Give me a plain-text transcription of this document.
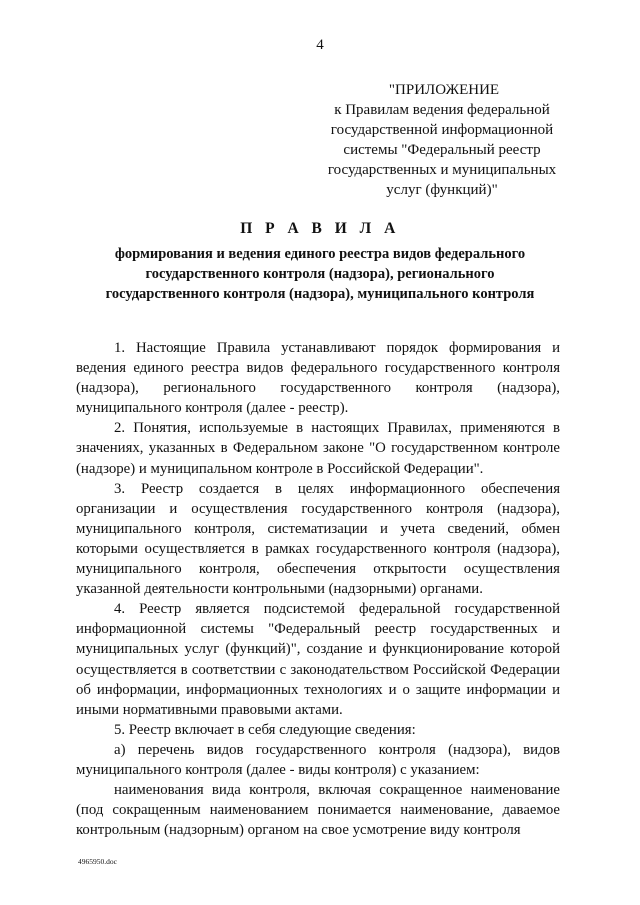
4
"ПРИЛОЖЕНИЕ
к Правилам ведения федеральной
государственной информационной
системы "Федеральный реестр
государственных и муниципальных
услуг (функций)"
П Р А В И Л А
формирования и ведения единого реестра видов федерального
государственного контроля (надзора), регионального
государственного контроля (надзора), муниципального контроля

1. Настоящие Правила устанавливают порядок формирования и ведения единого реестра видов федерального государственного контроля (надзора), регионального государственного контроля (надзора), муниципального контроля (далее - реестр).

2. Понятия, используемые в настоящих Правилах, применяются в значениях, указанных в Федеральном законе "О государственном контроле (надзоре) и муниципальном контроле в Российской Федерации".

3. Реестр создается в целях информационного обеспечения организации и осуществления государственного контроля (надзора), муниципального контроля, систематизации и учета сведений, обмен которыми осуществляется в рамках государственного контроля (надзора), муниципального контроля, обеспечения открытости осуществления указанной деятельности контрольными (надзорными) органами.

4. Реестр является подсистемой федеральной государственной информационной системы "Федеральный реестр государственных и муниципальных услуг (функций)", создание и функционирование которой осуществляется в соответствии с законодательством Российской Федерации об информации, информационных технологиях и о защите информации и иными нормативными правовыми актами.

5. Реестр включает в себя следующие сведения:

а) перечень видов государственного контроля (надзора), видов муниципального контроля (далее - виды контроля) с указанием:

наименования вида контроля, включая сокращенное наименование (под сокращенным наименованием понимается наименование, даваемое контрольным (надзорным) органом на свое усмотрение виду контроля

4965950.doc
